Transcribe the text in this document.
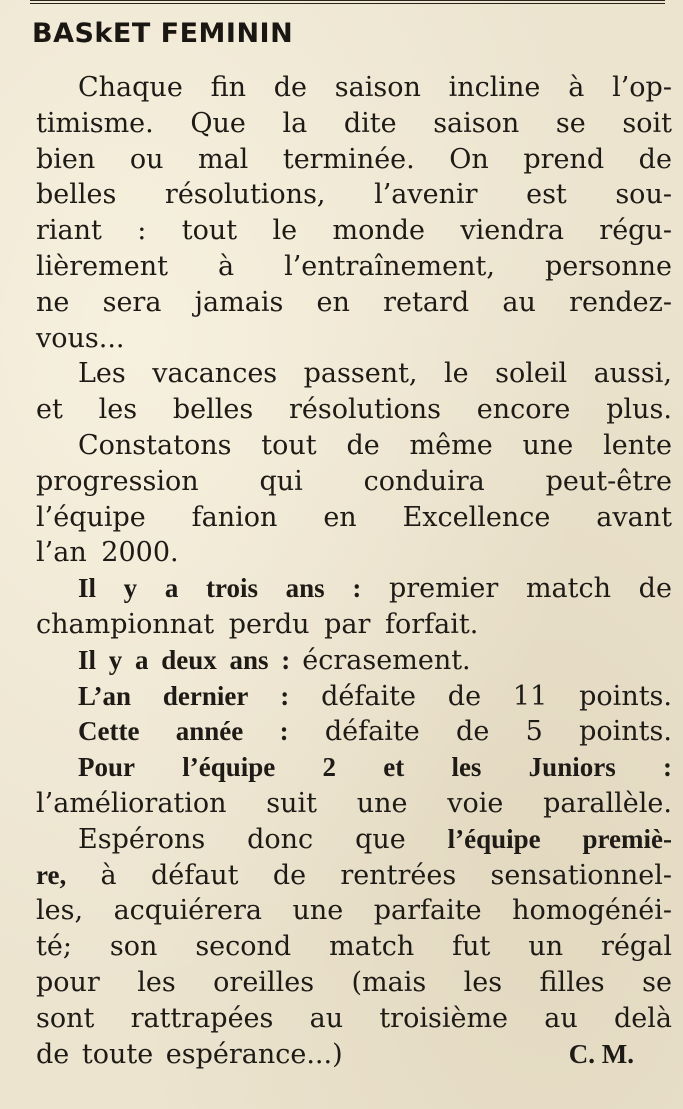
BASkET FEMININ
Chaque fin de saison incline à l’op-
timisme. Que la dite saison se soit
bien ou mal terminée. On prend de
belles résolutions, l’avenir est sou-
riant : tout le monde viendra régu-
lièrement à l’entraînement, personne
ne sera jamais en retard au rendez-
vous...
Les vacances passent, le soleil aussi,
et les belles résolutions encore plus.
Constatons tout de même une lente
progression qui conduira peut-être
l’équipe fanion en Excellence avant
l’an 2000.
Il y a trois ans : premier match de
championnat perdu par forfait.
Il y a deux ans : écrasement.
L’an dernier : défaite de 11 points.
Cette année : défaite de 5 points.
Pour l’équipe 2 et les Juniors :
l’amélioration suit une voie parallèle.
Espérons donc que l’équipe premiè-
re, à défaut de rentrées sensationnel-
les, acquiérera une parfaite homogénéi-
té; son second match fut un régal
pour les oreilles (mais les filles se
sont rattrapées au troisième au delà
de toute espérance...)	C. M.
